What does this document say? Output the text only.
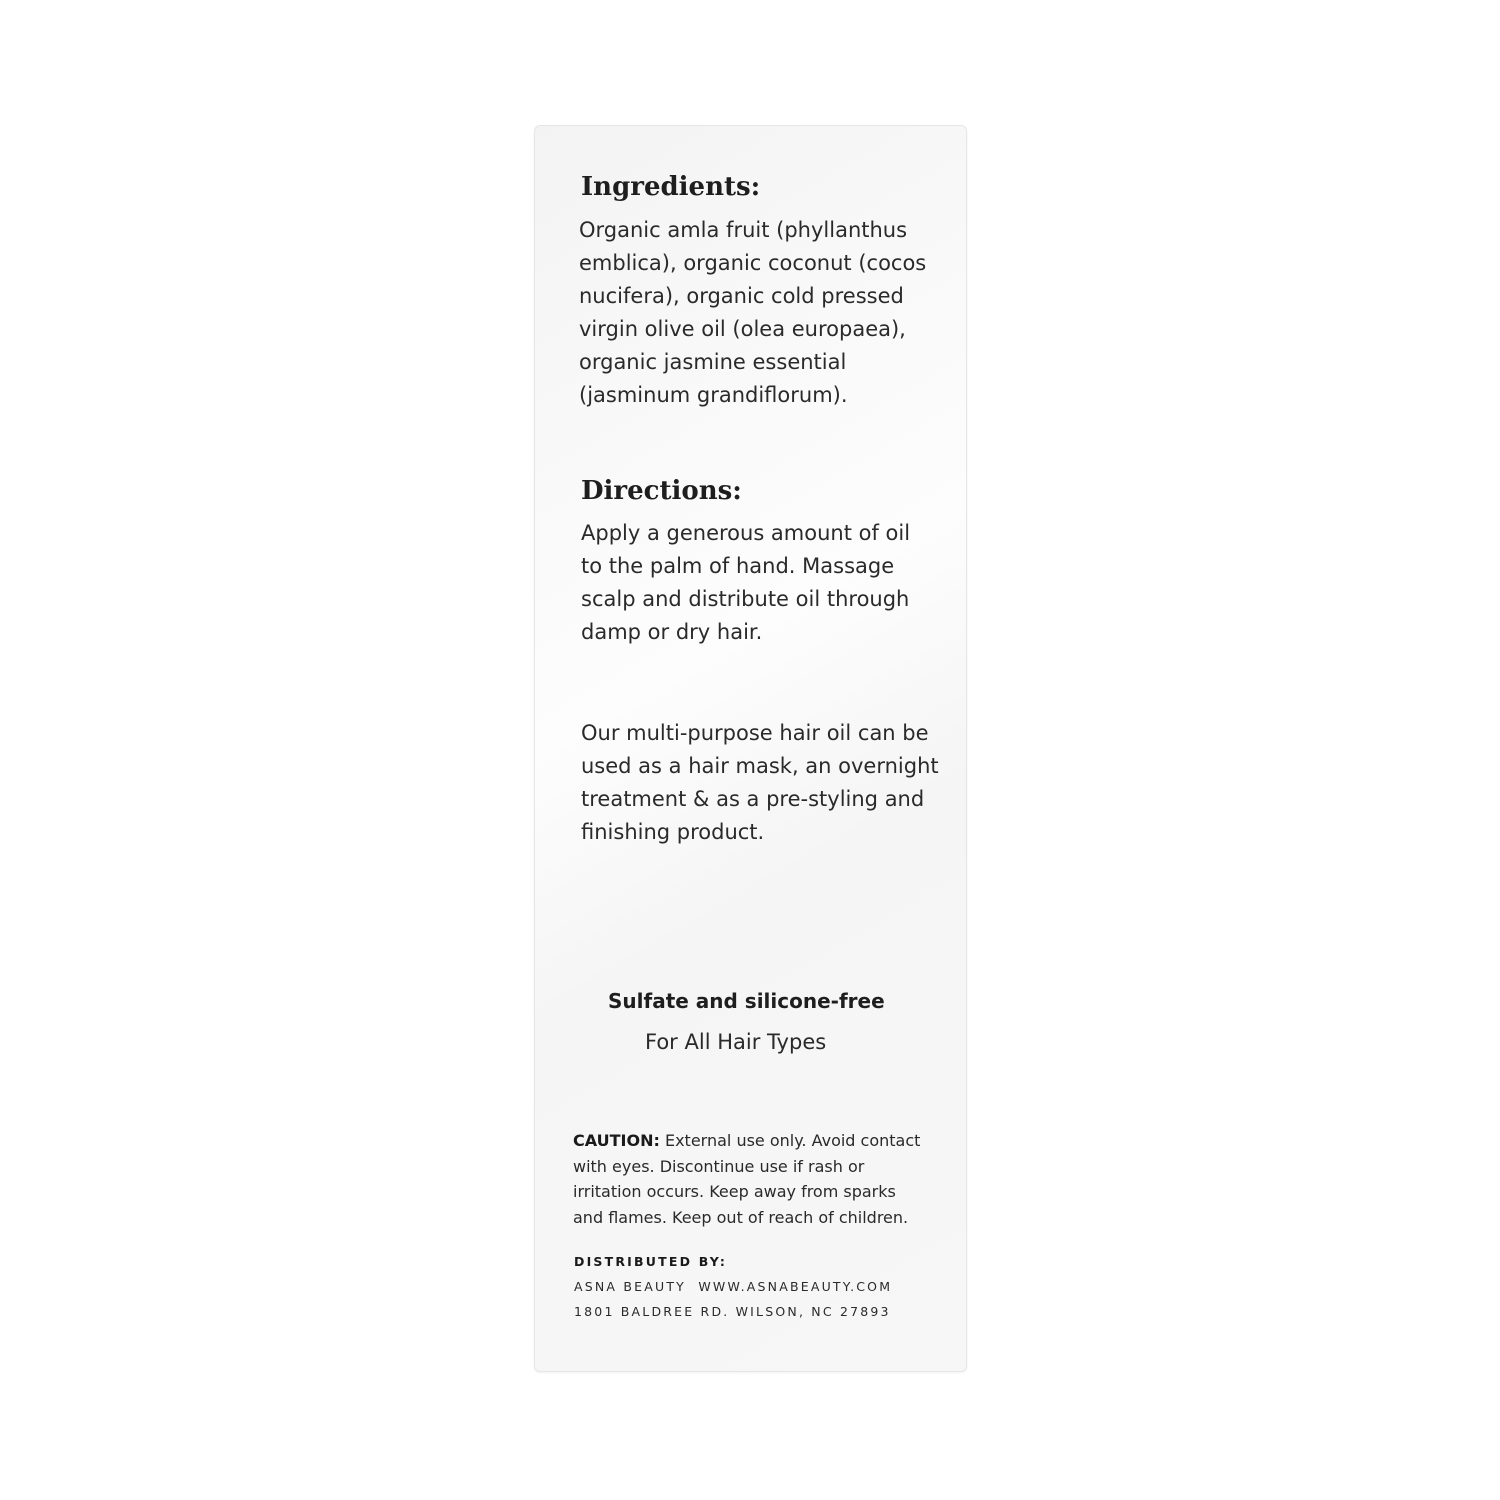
Ingredients:

Organic amla fruit (phyllanthus
emblica), organic coconut (cocos
nucifera), organic cold pressed
virgin olive oil (olea europaea),
organic jasmine essential
(jasminum grandiflorum).

Directions:

Apply a generous amount of oil
to the palm of hand. Massage
scalp and distribute oil through
damp or dry hair.

Our multi-purpose hair oil can be
used as a hair mask, an overnight
treatment & as a pre-styling and
finishing product.

Sulfate and silicone-free

For All Hair Types

CAUTION: External use only. Avoid contact
with eyes. Discontinue use if rash or
irritation occurs. Keep away from sparks
and flames. Keep out of reach of children.

DISTRIBUTED BY:

ASNA BEAUTY  WWW.ASNABEAUTY.COM

1801 BALDREE RD. WILSON, NC 27893
